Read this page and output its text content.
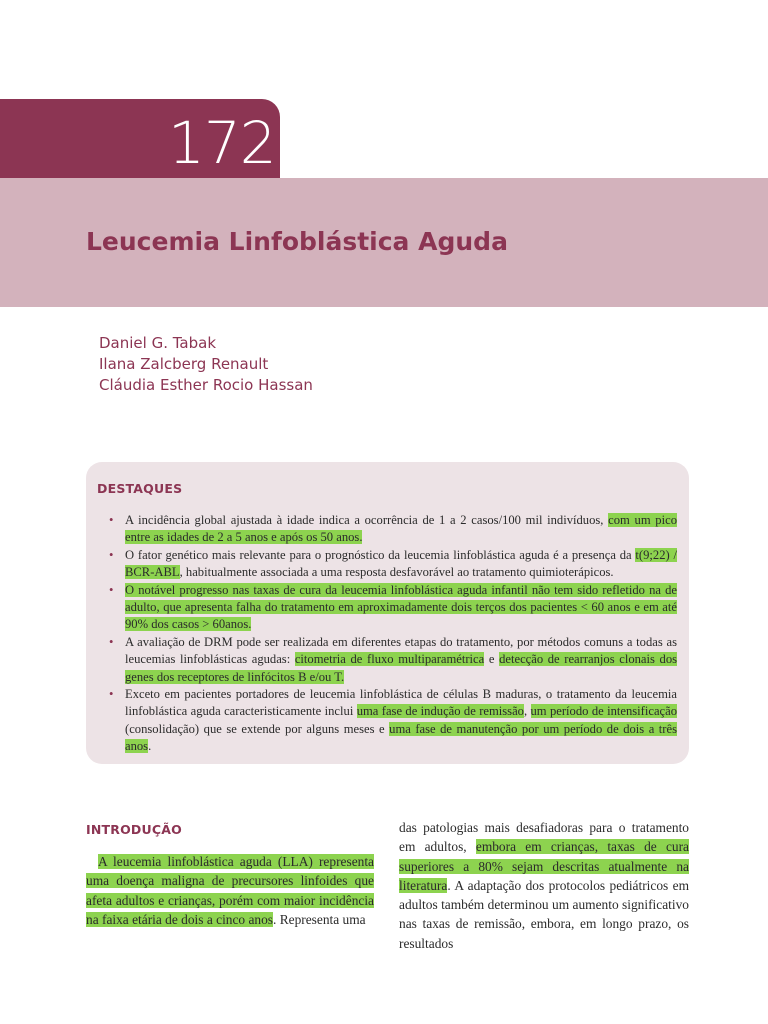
172
Leucemia Linfoblástica Aguda
Daniel G. Tabak
Ilana Zalcberg Renault
Cláudia Esther Rocio Hassan
DESTAQUES
• A incidência global ajustada à idade indica a ocorrência de 1 a 2 casos/100 mil indivíduos, com um pico entre as idades de 2 a 5 anos e após os 50 anos.
• O fator genético mais relevante para o prognóstico da leucemia linfoblástica aguda é a presença da t(9;22) / BCR-ABL, habitualmente associada a uma resposta desfavorável ao tratamento quimioterápicos.
• O notável progresso nas taxas de cura da leucemia linfoblástica aguda infantil não tem sido refletido na de adulto, que apresenta falha do tratamento em aproximadamente dois terços dos pacientes < 60 anos e em até 90% dos casos > 60anos.
• A avaliação de DRM pode ser realizada em diferentes etapas do tratamento, por métodos comuns a todas as leucemias linfoblásticas agudas: citometria de fluxo multiparamétrica e detecção de rearranjos clonais dos genes dos receptores de linfócitos B e/ou T.
• Exceto em pacientes portadores de leucemia linfoblástica de células B maduras, o tratamento da leucemia linfoblástica aguda caracteristicamente inclui uma fase de indução de remissão, um período de intensificação (consolidação) que se extende por alguns meses e uma fase de manutenção por um período de dois a três anos.
INTRODUÇÃO
A leucemia linfoblástica aguda (LLA) representa uma doença maligna de precursores linfoides que afeta adultos e crianças, porém com maior incidência na faixa etária de dois a cinco anos. Representa uma
das patologias mais desafiadoras para o tratamento em adultos, embora em crianças, taxas de cura superiores a 80% sejam descritas atualmente na literatura. A adaptação dos protocolos pediátricos em adultos também determinou um aumento significativo nas taxas de remissão, embora, em longo prazo, os resultados
